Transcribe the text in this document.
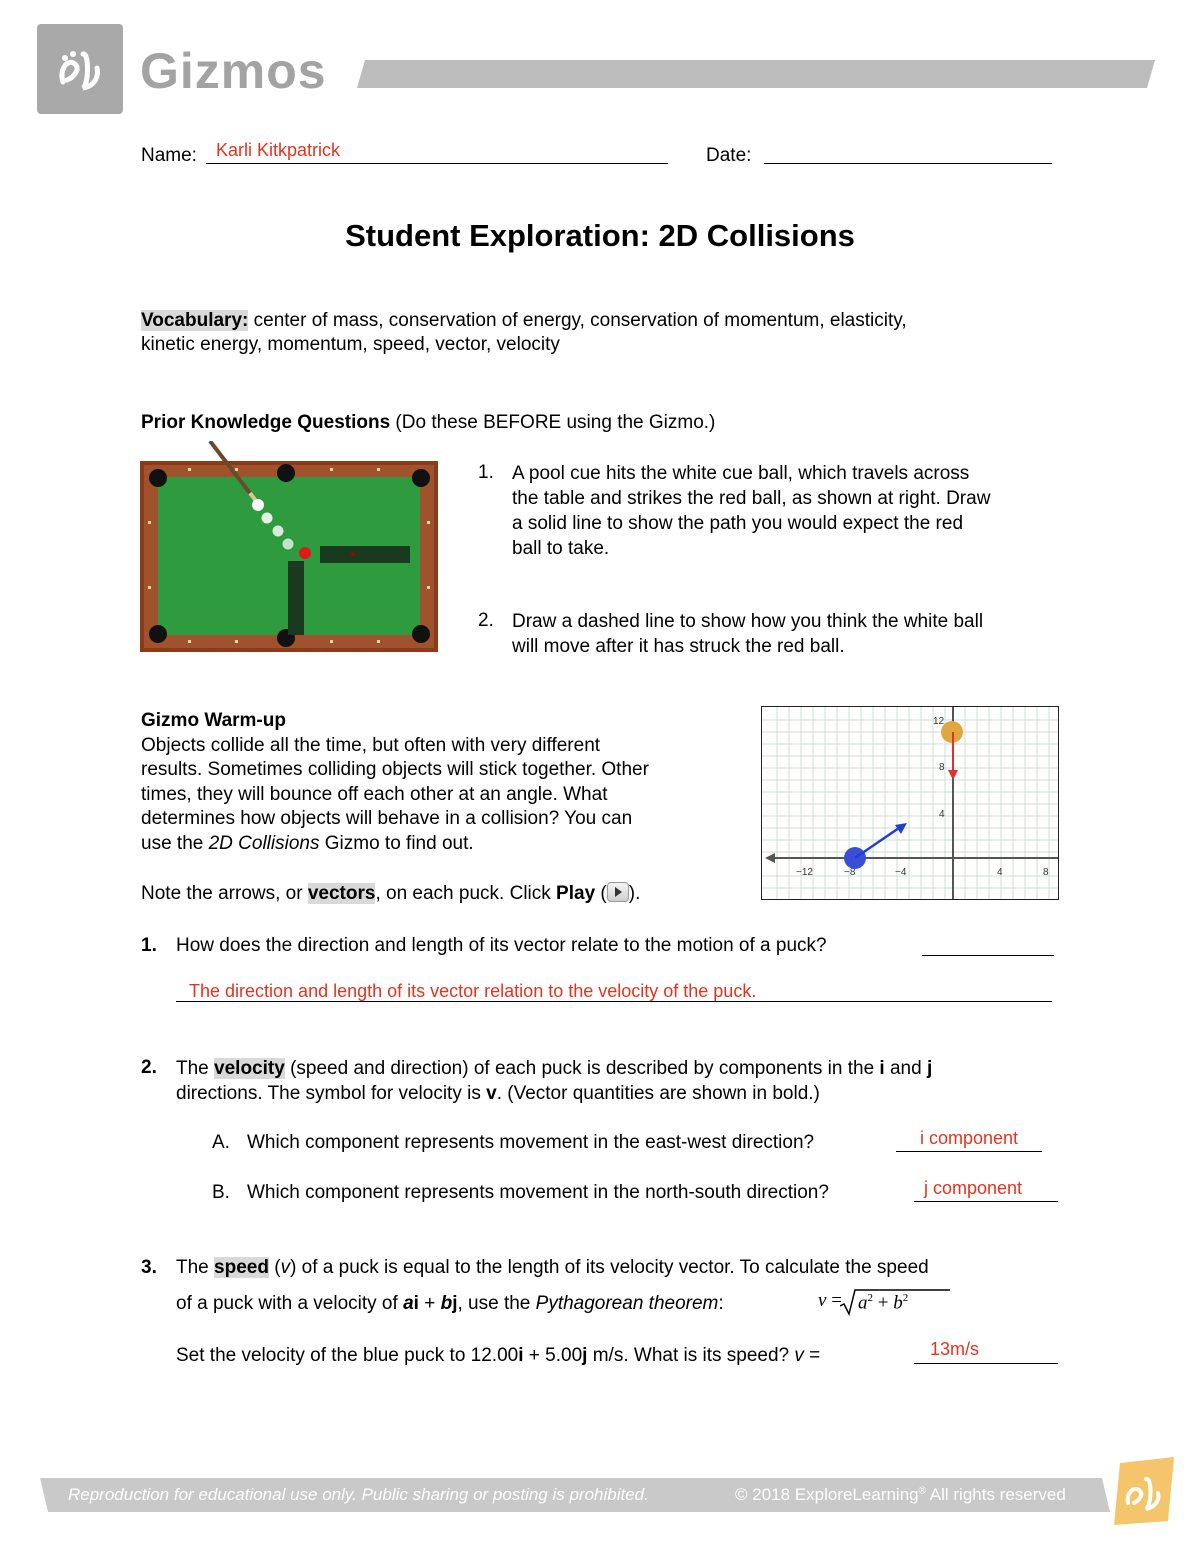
Gizmos
Name: Karli Kitkpatrick	Date:
Student Exploration: 2D Collisions
Vocabulary: center of mass, conservation of energy, conservation of momentum, elasticity,
kinetic energy, momentum, speed, vector, velocity
Prior Knowledge Questions (Do these BEFORE using the Gizmo.)
1. A pool cue hits the white cue ball, which travels across
the table and strikes the red ball, as shown at right. Draw
a solid line to show the path you would expect the red
ball to take.
2. Draw a dashed line to show how you think the white ball
will move after it has struck the red ball.
Gizmo Warm-up
Objects collide all the time, but often with very different
results. Sometimes colliding objects will stick together. Other
times, they will bounce off each other at an angle. What
determines how objects will behave in a collision? You can
use the 2D Collisions Gizmo to find out.
Note the arrows, or vectors, on each puck. Click Play ( ).
−12	−8	−4	4	8
12
8
4
1. How does the direction and length of its vector relate to the motion of a puck?
The direction and length of its vector relation to the velocity of the puck.
2. The velocity (speed and direction) of each puck is described by components in the i and j
directions. The symbol for velocity is v. (Vector quantities are shown in bold.)
A. Which component represents movement in the east-west direction?	i component
B. Which component represents movement in the north-south direction?	j component
3. The speed (v) of a puck is equal to the length of its velocity vector. To calculate the speed
of a puck with a velocity of ai + bj, use the Pythagorean theorem:	$v = a^2 + b^2$
Set the velocity of the blue puck to 12.00i + 5.00j m/s. What is its speed? v =	13m/s
Reproduction for educational use only. Public sharing or posting is prohibited.	© 2018 ExploreLearning® All rights reserved
